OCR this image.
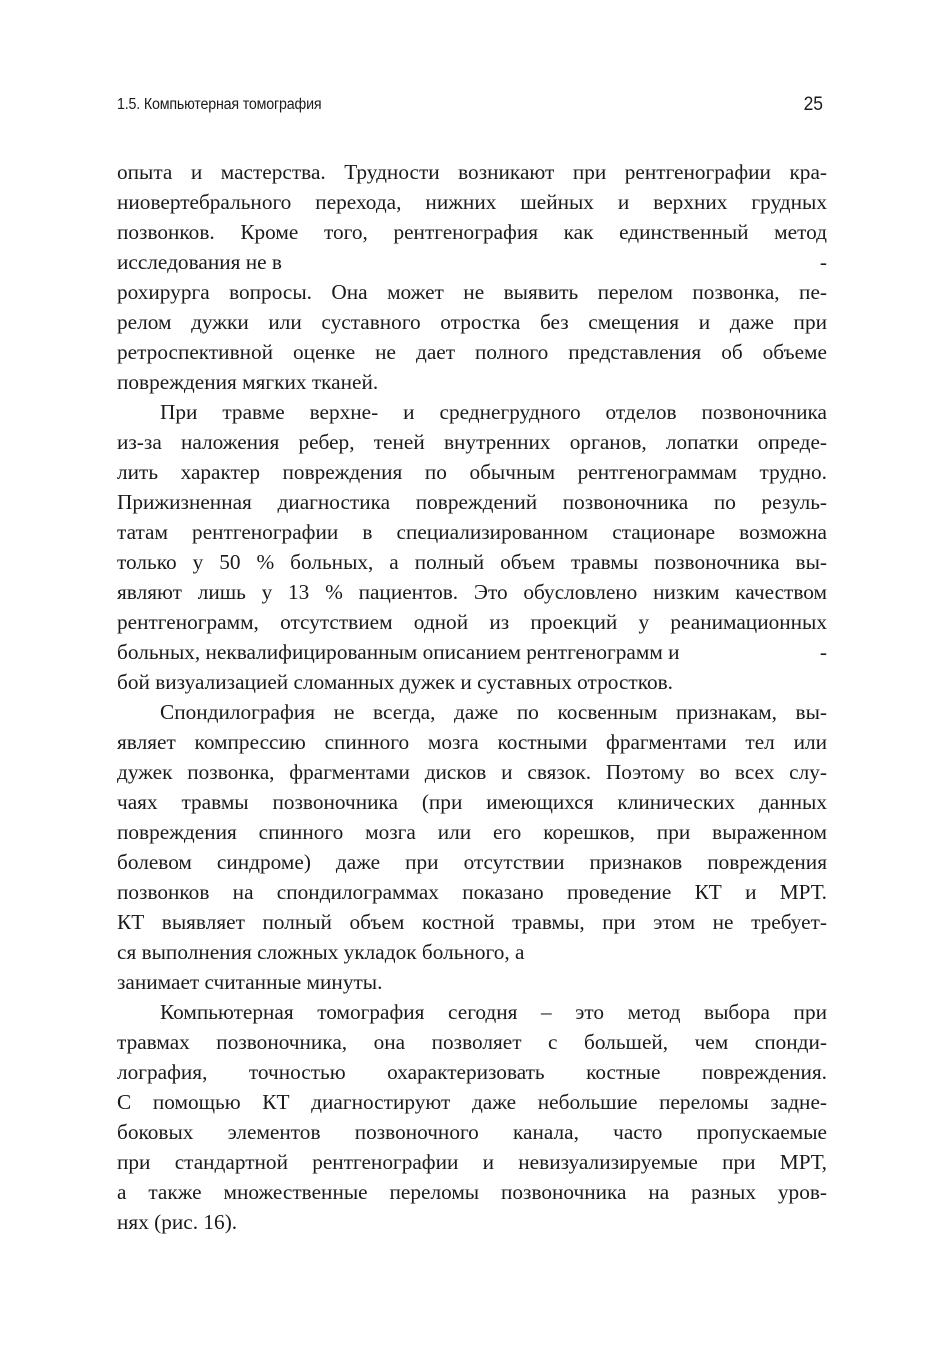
1.5. Компьютерная томография	25
опыта и мастерства. Трудности возникают при рентгенографии кра-
ниовертебрального перехода, нижних шейных и верхних грудных
позвонков. Кроме того, рентгенография как единственный метод
исследования не в	-
рохирурга вопросы. Она может не выявить перелом позвонка, пе-
релом дужки или суставного отростка без смещения и даже при
ретроспективной оценке не дает полного представления об объеме
повреждения мягких тканей.
При травме верхне- и среднегрудного отделов позвоночника
из-за наложения ребер, теней внутренних органов, лопатки опреде-
лить характер повреждения по обычным рентгенограммам трудно.
Прижизненная диагностика повреждений позвоночника по резуль-
татам рентгенографии в специализированном стационаре возможна
только у 50 % больных, а полный объем травмы позвоночника вы-
являют лишь у 13 % пациентов. Это обусловлено низким качеством
рентгенограмм, отсутствием одной из проекций у реанимационных
больных, неквалифицированным описанием рентгенограмм и	-
бой визуализацией сломанных дужек и суставных отростков.
Спондилография не всегда, даже по косвенным признакам, вы-
являет компрессию спинного мозга костными фрагментами тел или
дужек позвонка, фрагментами дисков и связок. Поэтому во всех слу-
чаях травмы позвоночника (при имеющихся клинических данных
повреждения спинного мозга или его корешков, при выраженном
болевом синдроме) даже при отсутствии признаков повреждения
позвонков на спондилограммах показано проведение КТ и МРТ.
КТ выявляет полный объем костной травмы, при этом не требует-
ся выполнения сложных укладок больного, а
занимает считанные минуты.
Компьютерная томография сегодня – это метод выбора при
травмах позвоночника, она позволяет с большей, чем спонди-
лография, точностью охарактеризовать костные повреждения.
С помощью КТ диагностируют даже небольшие переломы задне-
боковых элементов позвоночного канала, часто пропускаемые
при стандартной рентгенографии и невизуализируемые при МРТ,
а также множественные переломы позвоночника на разных уров-
нях (рис. 16).
